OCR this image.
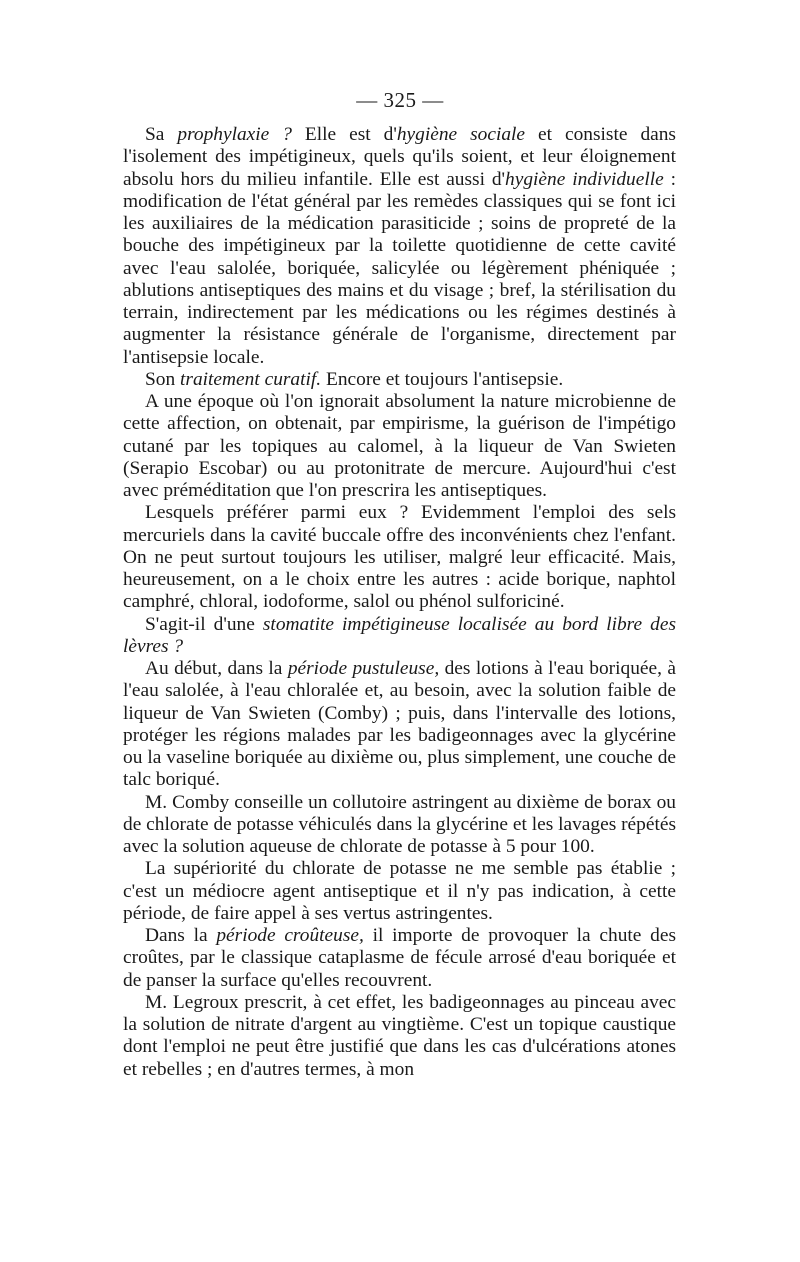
— 325 —

Sa prophylaxie ? Elle est d'hygiène sociale et consiste dans l'isolement des impétigineux, quels qu'ils soient, et leur éloignement absolu hors du milieu infantile. Elle est aussi d'hygiène individuelle : modification de l'état général par les remèdes classiques qui se font ici les auxiliaires de la médication parasiticide ; soins de propreté de la bouche des impétigineux par la toilette quotidienne de cette cavité avec l'eau salolée, boriquée, salicylée ou légèrement phéniquée ; ablutions antiseptiques des mains et du visage ; bref, la stérilisation du terrain, indirectement par les médications ou les régimes destinés à augmenter la résistance générale de l'organisme, directement par l'antisepsie locale.

Son traitement curatif. Encore et toujours l'antisepsie.

A une époque où l'on ignorait absolument la nature microbienne de cette affection, on obtenait, par empirisme, la guérison de l'impétigo cutané par les topiques au calomel, à la liqueur de Van Swieten (Serapio Escobar) ou au protonitrate de mercure. Aujourd'hui c'est avec préméditation que l'on prescrira les antiseptiques.

Lesquels préférer parmi eux ? Evidemment l'emploi des sels mercuriels dans la cavité buccale offre des inconvénients chez l'enfant. On ne peut surtout toujours les utiliser, malgré leur efficacité. Mais, heureusement, on a le choix entre les autres : acide borique, naphtol camphré, chloral, iodoforme, salol ou phénol sulforiciné.

S'agit-il d'une stomatite impétigineuse localisée au bord libre des lèvres ?

Au début, dans la période pustuleuse, des lotions à l'eau boriquée, à l'eau salolée, à l'eau chloralée et, au besoin, avec la solution faible de liqueur de Van Swieten (Comby) ; puis, dans l'intervalle des lotions, protéger les régions malades par les badigeonnages avec la glycérine ou la vaseline boriquée au dixième ou, plus simplement, une couche de talc boriqué.

M. Comby conseille un collutoire astringent au dixième de borax ou de chlorate de potasse véhiculés dans la glycérine et les lavages répétés avec la solution aqueuse de chlorate de potasse à 5 pour 100.

La supériorité du chlorate de potasse ne me semble pas établie ; c'est un médiocre agent antiseptique et il n'y pas indication, à cette période, de faire appel à ses vertus astringentes.

Dans la période croûteuse, il importe de provoquer la chute des croûtes, par le classique cataplasme de fécule arrosé d'eau boriquée et de panser la surface qu'elles recouvrent.

M. Legroux prescrit, à cet effet, les badigeonnages au pinceau avec la solution de nitrate d'argent au vingtième. C'est un topique caustique dont l'emploi ne peut être justifié que dans les cas d'ulcérations atones et rebelles ; en d'autres termes, à mon
